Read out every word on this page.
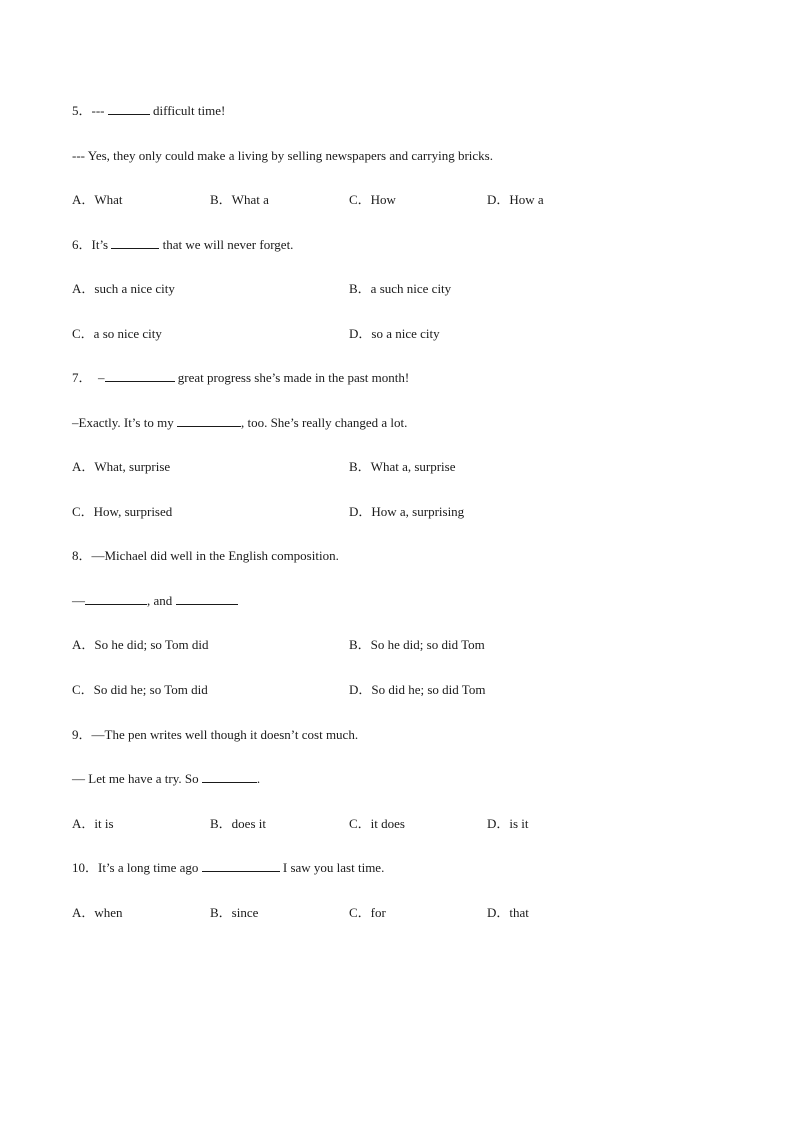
5．---	difficult time!
--- Yes, they only could make a living by selling newspapers and carrying bricks.
A．What	B．What a	C．How	D．How a
6．It’s	that we will never forget.
A．such a nice city	B．a such nice city
C．a so nice city	D．so a nice city
7．  –	great progress she’s made in the past month!
–Exactly. It’s to my	, too. She’s really changed a lot.
A．What, surprise	B．What a, surprise
C．How, surprised	D．How a, surprising
8．—Michael did well in the English composition.
—	, and
A．So he did; so Tom did	B．So he did; so did Tom
C．So did he; so Tom did	D．So did he; so did Tom
9．—The pen writes well though it doesn’t cost much.
— Let me have a try. So	.
A．it is	B．does it	C．it does	D．is it
10．It’s a long time ago	I saw you last time.
A．when	B．since	C．for	D．that
